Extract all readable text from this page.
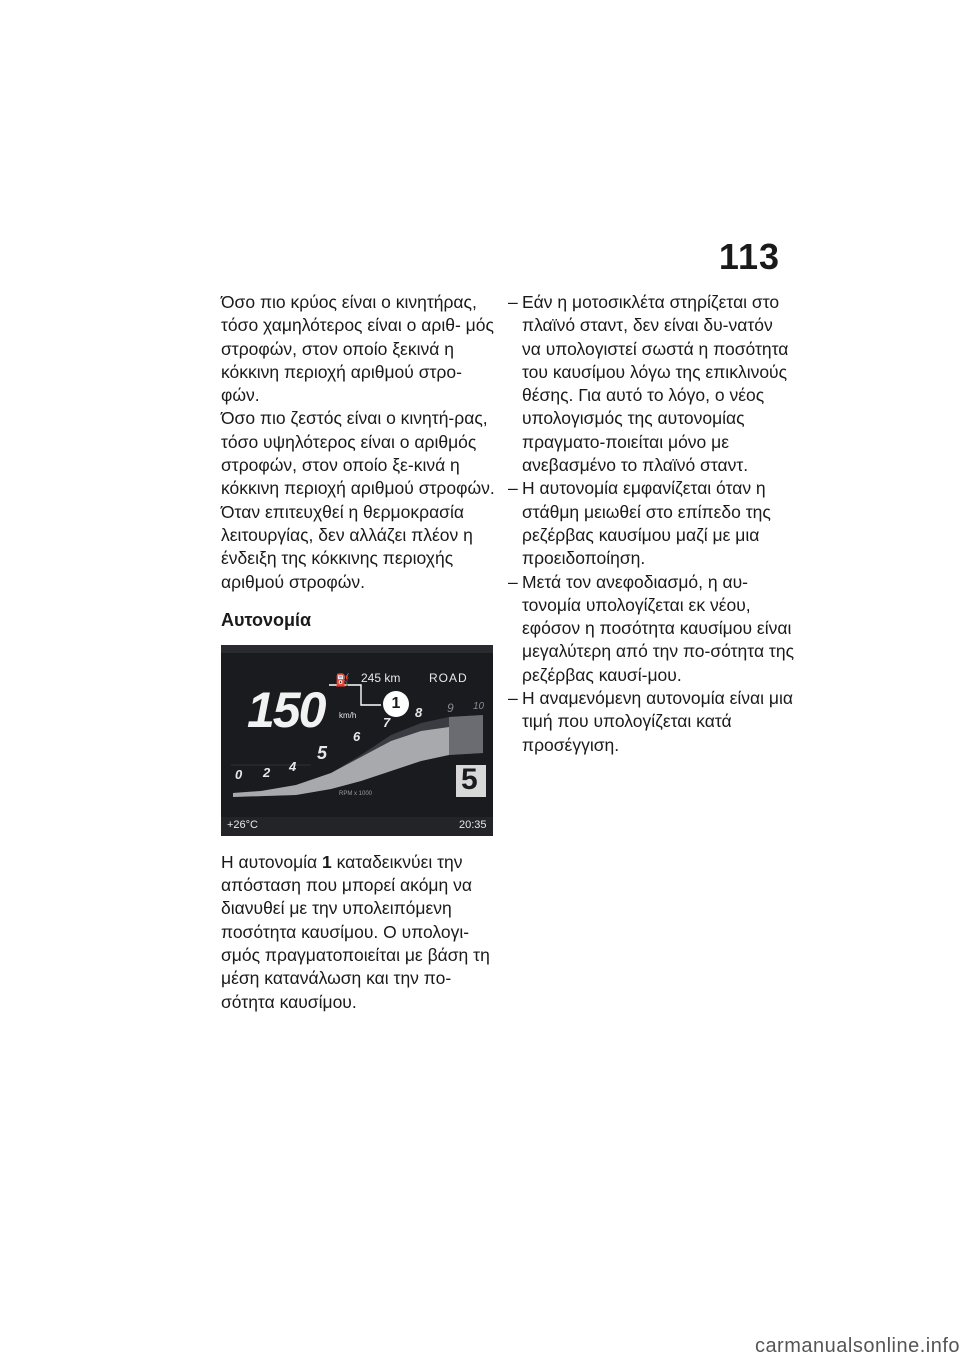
113

Όσο πιο κρύος είναι ο κινητήρας, τόσο χαμηλότερος είναι ο αριθ- μός στροφών, στον οποίο ξεκινά η κόκκινη περιοχή αριθμού στρο- φών.

Όσο πιο ζεστός είναι ο κινητή-ρας, τόσο υψηλότερος είναι ο αριθμός στροφών, στον οποίο ξε-κινά η κόκκινη περιοχή αριθμού στροφών.

Όταν επιτευχθεί η θερμοκρασία λειτουργίας, δεν αλλάζει πλέον η ένδειξη της κόκκινης περιοχής αριθμού στροφών.

Αυτονομία
⛽ 245 km ROAD
1
150 km/h
0 2 4
5
6
7
8 9 10
5
RPM x 1000
+26°C	20:35

Η αυτονομία 1 καταδεικνύει την απόσταση που μπορεί ακόμη να διανυθεί με την υπολειπόμενη ποσότητα καυσίμου. Ο υπολογι-σμός πραγματοποιείται με βάση τη μέση κατανάλωση και την πο-σότητα καυσίμου.

– Εάν η μοτοσικλέτα στηρίζεται στο πλαϊνό σταντ, δεν είναι δυ-νατόν να υπολογιστεί σωστά η ποσότητα του καυσίμου λόγω της επικλινούς θέσης. Για αυτό το λόγο, ο νέος υπολογισμός της αυτονομίας πραγματο-ποιείται μόνο με ανεβασμένο το πλαϊνό σταντ.

– Η αυτονομία εμφανίζεται όταν η στάθμη μειωθεί στο επίπεδο της ρεζέρβας καυσίμου μαζί με μια προειδοποίηση.

– Μετά τον ανεφοδιασμό, η αυ-τονομία υπολογίζεται εκ νέου, εφόσον η ποσότητα καυσίμου είναι μεγαλύτερη από την πο-σότητα της ρεζέρβας καυσί-μου.

– Η αναμενόμενη αυτονομία είναι μια τιμή που υπολογίζεται κατά προσέγγιση.

carmanualsonline.info
